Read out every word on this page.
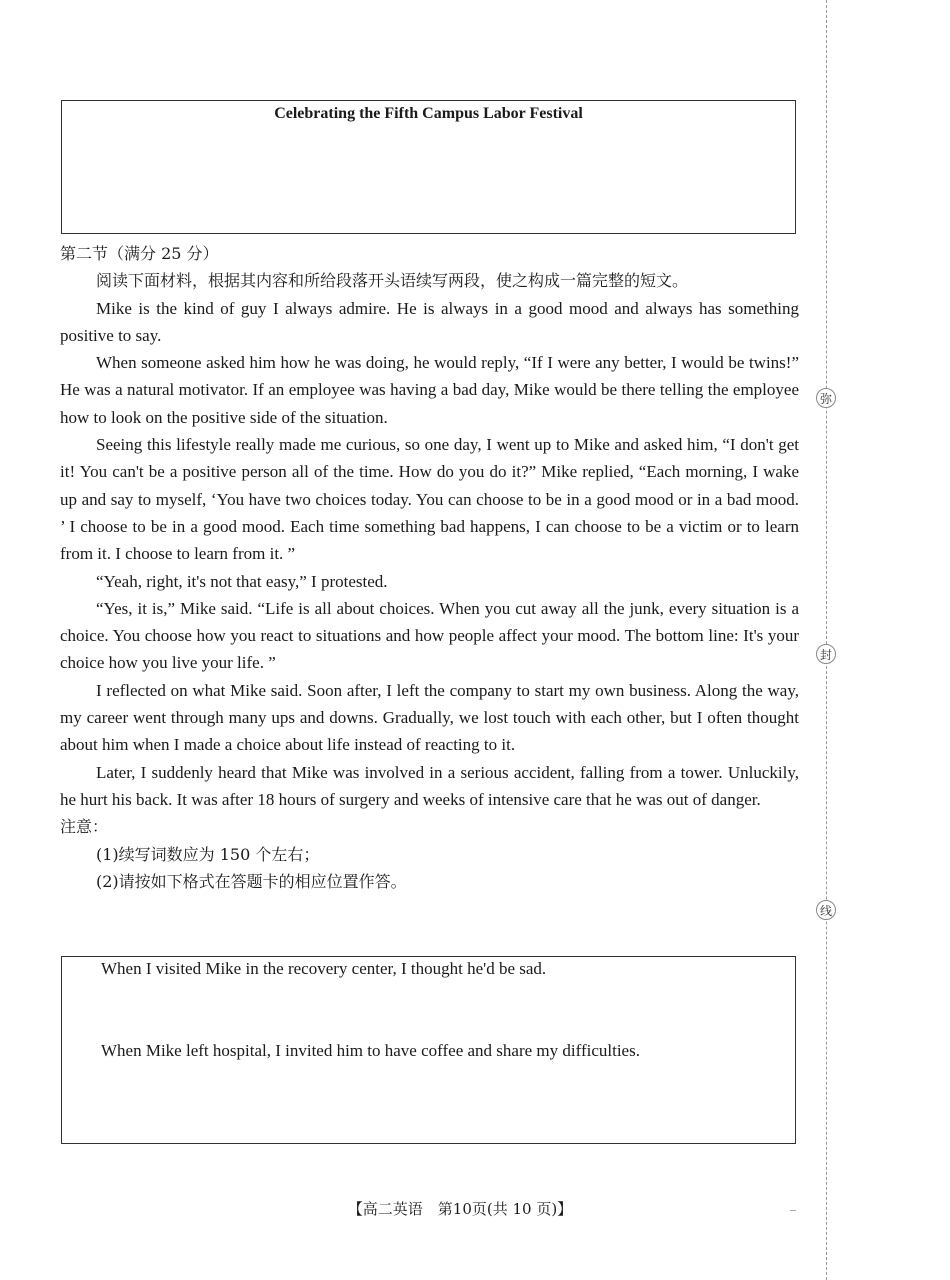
弥
封
线
Celebrating the Fifth Campus Labor Festival

第二节（满分 25 分）

阅读下面材料，根据其内容和所给段落开头语续写两段，使之构成一篇完整的短文。

Mike is the kind of guy I always admire. He is always in a good mood and always has something positive to say.

When someone asked him how he was doing, he would reply, “If I were any better, I would be twins!” He was a natural motivator. If an employee was having a bad day, Mike would be there telling the employee how to look on the positive side of the situation.

Seeing this lifestyle really made me curious, so one day, I went up to Mike and asked him, “I don't get it! You can't be a positive person all of the time. How do you do it?” Mike replied, “Each morning, I wake up and say to myself, ‘You have two choices today. You can choose to be in a good mood or in a bad mood. ’ I choose to be in a good mood. Each time something bad happens, I can choose to be a victim or to learn from it. I choose to learn from it. ”

“Yeah, right, it's not that easy,” I protested.

“Yes, it is,” Mike said. “Life is all about choices. When you cut away all the junk, every situation is a choice. You choose how you react to situations and how people affect your mood. The bottom line: It's your choice how you live your life. ”

I reflected on what Mike said. Soon after, I left the company to start my own business. Along the way, my career went through many ups and downs. Gradually, we lost touch with each other, but I often thought about him when I made a choice about life instead of reacting to it.

Later, I suddenly heard that Mike was involved in a serious accident, falling from a tower. Unluckily, he hurt his back. It was after 18 hours of surgery and weeks of intensive care that he was out of danger.

注意：

(1)续写词数应为 150 个左右；

(2)请按如下格式在答题卡的相应位置作答。

When I visited Mike in the recovery center, I thought he'd be sad.
When Mike left hospital, I invited him to have coffee and share my difficulties.
【高二英语　第10页(共 10 页)】
